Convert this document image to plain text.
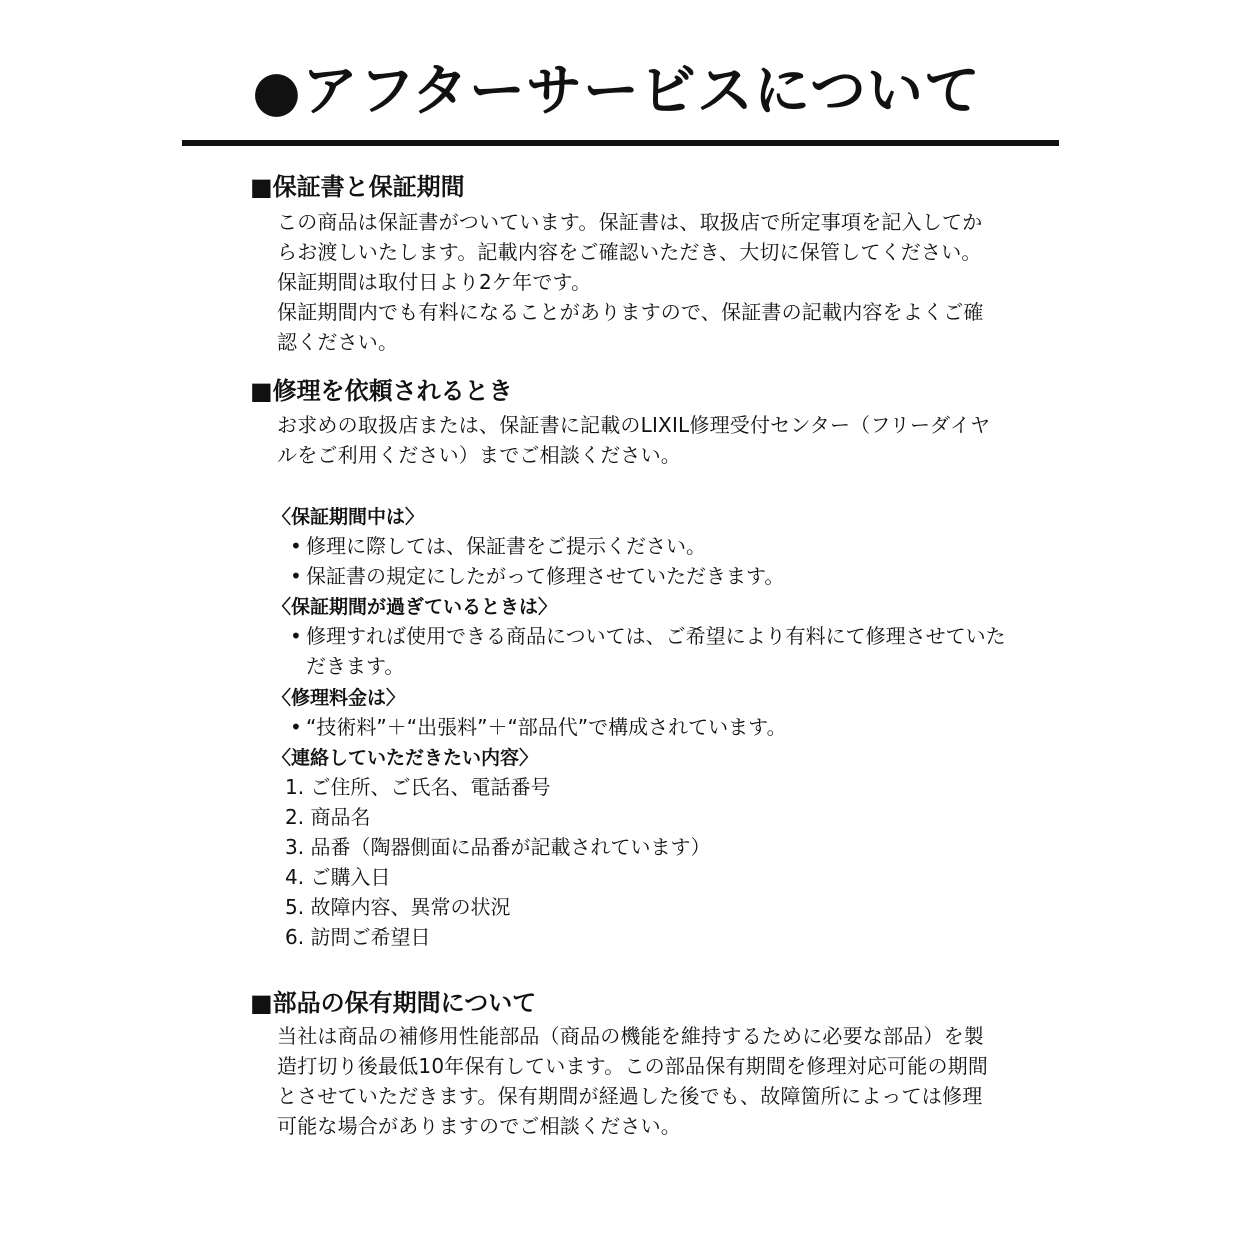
●アフターサービスについて
■保証書と保証期間

この商品は保証書がついています。保証書は、取扱店で所定事項を記入してからお渡しいたします。記載内容をご確認いただき、大切に保管してください。

保証期間は取付日より2ケ年です。

保証期間内でも有料になることがありますので、保証書の記載内容をよくご確認ください。

■修理を依頼されるとき
お求めの取扱店または、保証書に記載のLIXIL修理受付センター（フリーダイヤルをご利用ください）までご相談ください。
〈保証期間中は〉
• 修理に際しては、保証書をご提示ください。
• 保証書の規定にしたがって修理させていただきます。
〈保証期間が過ぎているときは〉
• 修理すれば使用できる商品については、ご希望により有料にて修理させていただきます。
〈修理料金は〉
• “技術料”＋“出張料”＋“部品代”で構成されています。
〈連絡していただきたい内容〉
1. ご住所、ご氏名、電話番号
2. 商品名
3. 品番（陶器側面に品番が記載されています）
4. ご購入日
5. 故障内容、異常の状況
6. 訪問ご希望日
■部品の保有期間について
当社は商品の補修用性能部品（商品の機能を維持するために必要な部品）を製造打切り後最低10年保有しています。この部品保有期間を修理対応可能の期間とさせていただきます。保有期間が経過した後でも、故障箇所によっては修理可能な場合がありますのでご相談ください。
